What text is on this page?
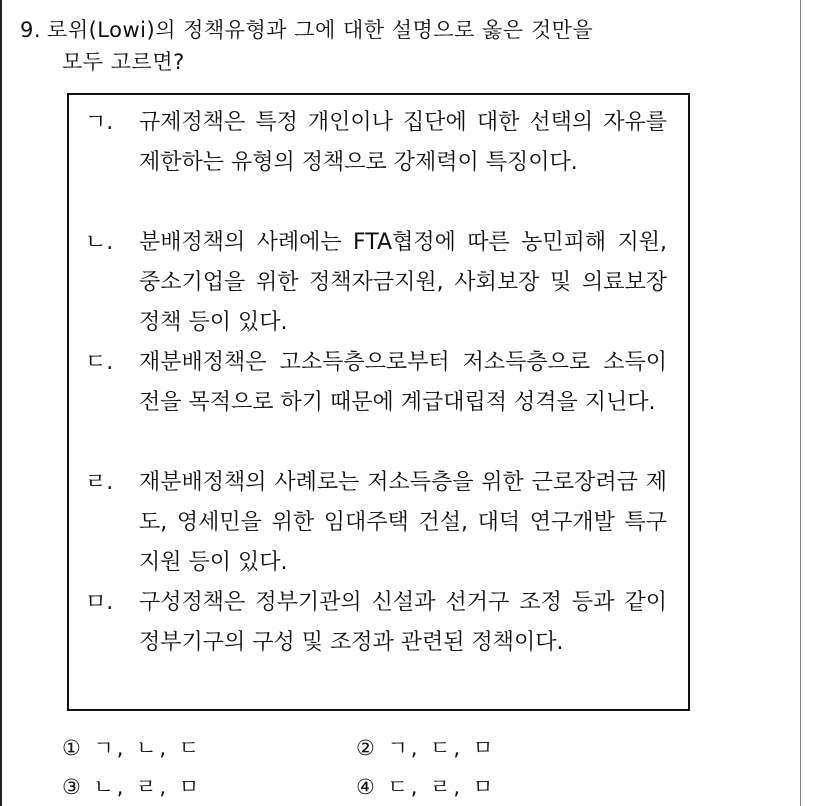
9. 로위(Lowi)의 정책유형과 그에 대한 설명으로 옳은 것만을
모두 고르면?
ㄱ.	규제정책은 특정 개인이나 집단에 대한 선택의 자유를 제한하는 유형의 정책으로 강제력이 특징이다.
ㄴ.	분배정책의 사례에는 FTA협정에 따른 농민피해 지원, 중소기업을 위한 정책자금지원, 사회보장 및 의료보장정책 등이 있다.
ㄷ.	재분배정책은 고소득층으로부터 저소득층으로 소득이전을 목적으로 하기 때문에 계급대립적 성격을 지닌다.
ㄹ.	재분배정책의 사례로는 저소득층을 위한 근로장려금 제도, 영세민을 위한 임대주택 건설, 대덕 연구개발 특구 지원 등이 있다.
ㅁ.	구성정책은 정부기관의 신설과 선거구 조정 등과 같이 정부기구의 구성 및 조정과 관련된 정책이다.
① ㄱ, ㄴ, ㄷ	② ㄱ, ㄷ, ㅁ
③ ㄴ, ㄹ, ㅁ	④ ㄷ, ㄹ, ㅁ
